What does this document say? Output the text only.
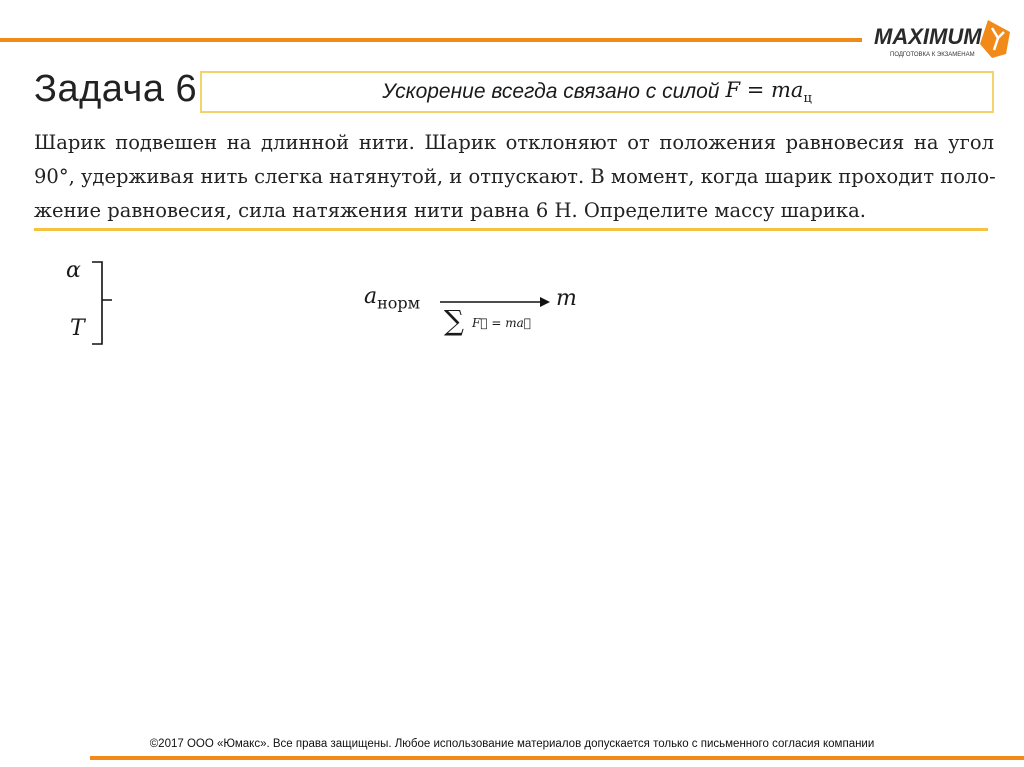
MAXIMUM
ПОДГОТОВКА К ЭКЗАМЕНАМ
Задача 6	Ускорение всегда связано с силой $F = ma_ц$
Шарик подвешен на длинной нити. Шарик отклоняют от положения равновесия на угол
90°, удерживая нить слегка натянутой, и отпускают. В момент, когда шарик проходит поло-
жение равновесия, сила натяжения нити равна 6 Н. Определите массу шарика.
α
T
$a_{норм}$	m
∑ F⃗ = ma⃗
©2017 ООО «Юмакс». Все права защищены. Любое использование материалов допускается только с письменного согласия компании
